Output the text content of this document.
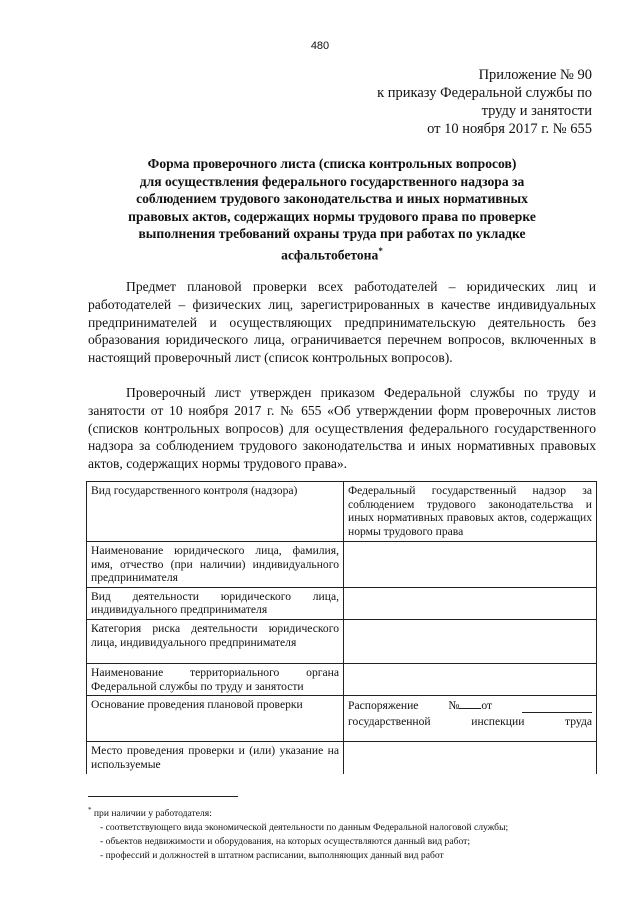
480
Приложение № 90
к приказу Федеральной службы по
труду и занятости
от 10 ноября 2017 г. № 655
Форма проверочного листа (списка контрольных вопросов)
для осуществления федерального государственного надзора за
соблюдением трудового законодательства и иных нормативных
правовых актов, содержащих нормы трудового права по проверке
выполнения требований охраны труда при работах по укладке
асфальтобетона*

Предмет плановой проверки всех работодателей – юридических лиц и работодателей – физических лиц, зарегистрированных в качестве индивидуальных предпринимателей и осуществляющих предпринимательскую деятельность без образования юридического лица, ограничивается перечнем вопросов, включенных в настоящий проверочный лист (список контрольных вопросов).

Проверочный лист утвержден приказом Федеральной службы по труду и занятости от 10 ноября 2017 г. № 655 «Об утверждении форм проверочных листов (списков контрольных вопросов) для осуществления федерального государственного надзора за соблюдением трудового законодательства и иных нормативных правовых актов, содержащих нормы трудового права».

Вид государственного контроля (надзора)	Федеральный государственный надзор за соблюдением трудового законодательства и иных нормативных правовых актов, содержащих нормы трудового права
Наименование юридического лица, фамилия, имя, отчество (при наличии) индивидуального предпринимателя	
Вид деятельности юридического лица, индивидуального предпринимателя	
Категория риска деятельности юридического лица, индивидуального предпринимателя	
Наименование территориального органа Федеральной службы по труду и занятости	
Основание проведения плановой проверки	Распоряжение № от
государственной инспекции труда

Место проведения проверки и (или) указание на используемые	
* при наличии у работодателя:
- соответствующего вида экономической деятельности по данным Федеральной налоговой службы;
- объектов недвижимости и оборудования, на которых осуществляются данный вид работ;
- профессий и должностей в штатном расписании, выполняющих данный вид работ
